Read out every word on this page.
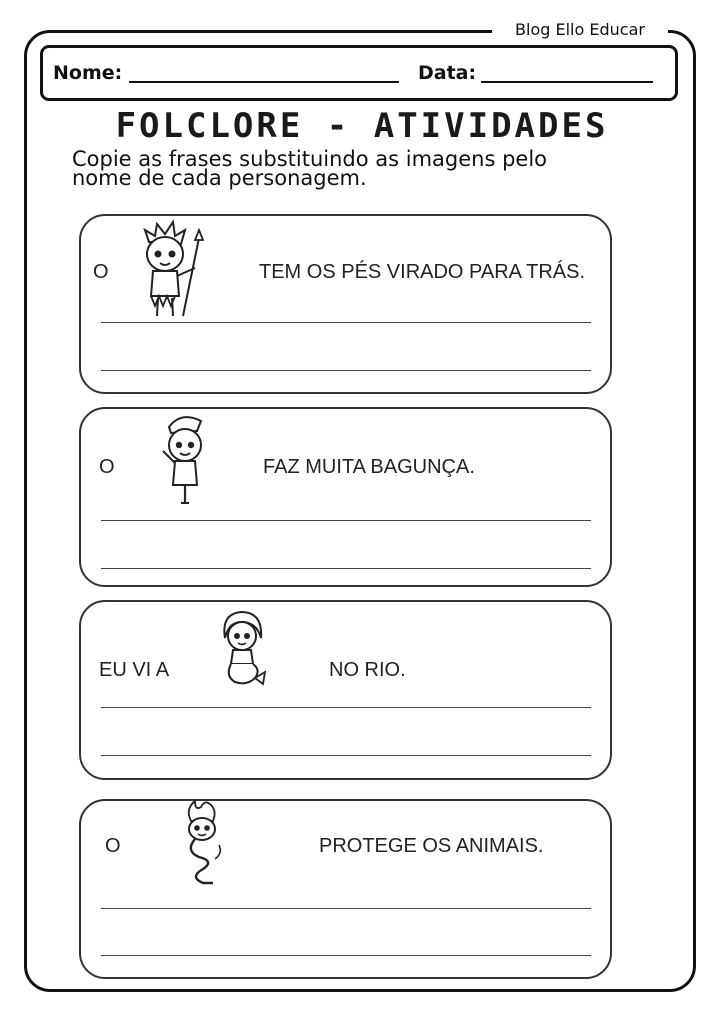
Blog Ello Educar
Nome:	Data:
FOLCLORE - ATIVIDADES
Copie as frases substituindo as imagens pelo
nome de cada personagem.
O	TEM OS PÉS VIRADO PARA TRÁS.
O	FAZ MUITA BAGUNÇA.
EU VI A	NO RIO.
O	PROTEGE OS ANIMAIS.
